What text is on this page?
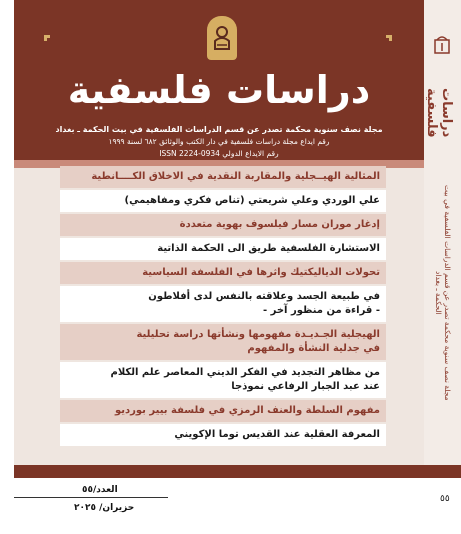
دراسات فلسفية
مجلة نصف سنوية محكمة تصدر عن قسم الدراسات الفلسفية في بيت الحكمة ـ بغداد
رقم ايداع مجلة دراسات فلسفية في دار الكتب والوثائق ٦٨٢ لسنة ١٩٩٩
رقم الايداع الدولي ISSN 2224-0934
دراسات فلسفية
مجلة نصف سنوية محكمة تصدر عن قسم الدراسات الفلسفية في بيت الحكمة ـ بغداد
المثالية الهيــجلية والمقاربة النقدية في الاخلاق الكــــانطية
علي الوردي وعلي شريعتي (تناص فكري ومفاهيمي)
إدغار موران مسار فيلسوف بهوية متعددة
الاستشارة الفلسفية طريق الى الحكمة الذاتية
تحولات الدياليكتيك واثرها في الفلسفة السياسية
في طبيعة الجسد وعلاقته بالنفس لدى أفلاطون
- قراءة من منظور آخر -
الهيجلية الجـديـدة مفهومها ونشأتها دراسة تحليلية
في جدلية النشأة والمفهوم
من مظاهر التجديد في الفكر الديني المعاصر علم الكلام
عند عبد الجبار الرفاعي نموذجا
مفهوم السلطة والعنف الرمزي في فلسفة بيير بورديو
المعرفة العقلية عند القديس توما الإكويني
العدد/٥٥
حزيران/ ٢٠٢٥
٥٥
